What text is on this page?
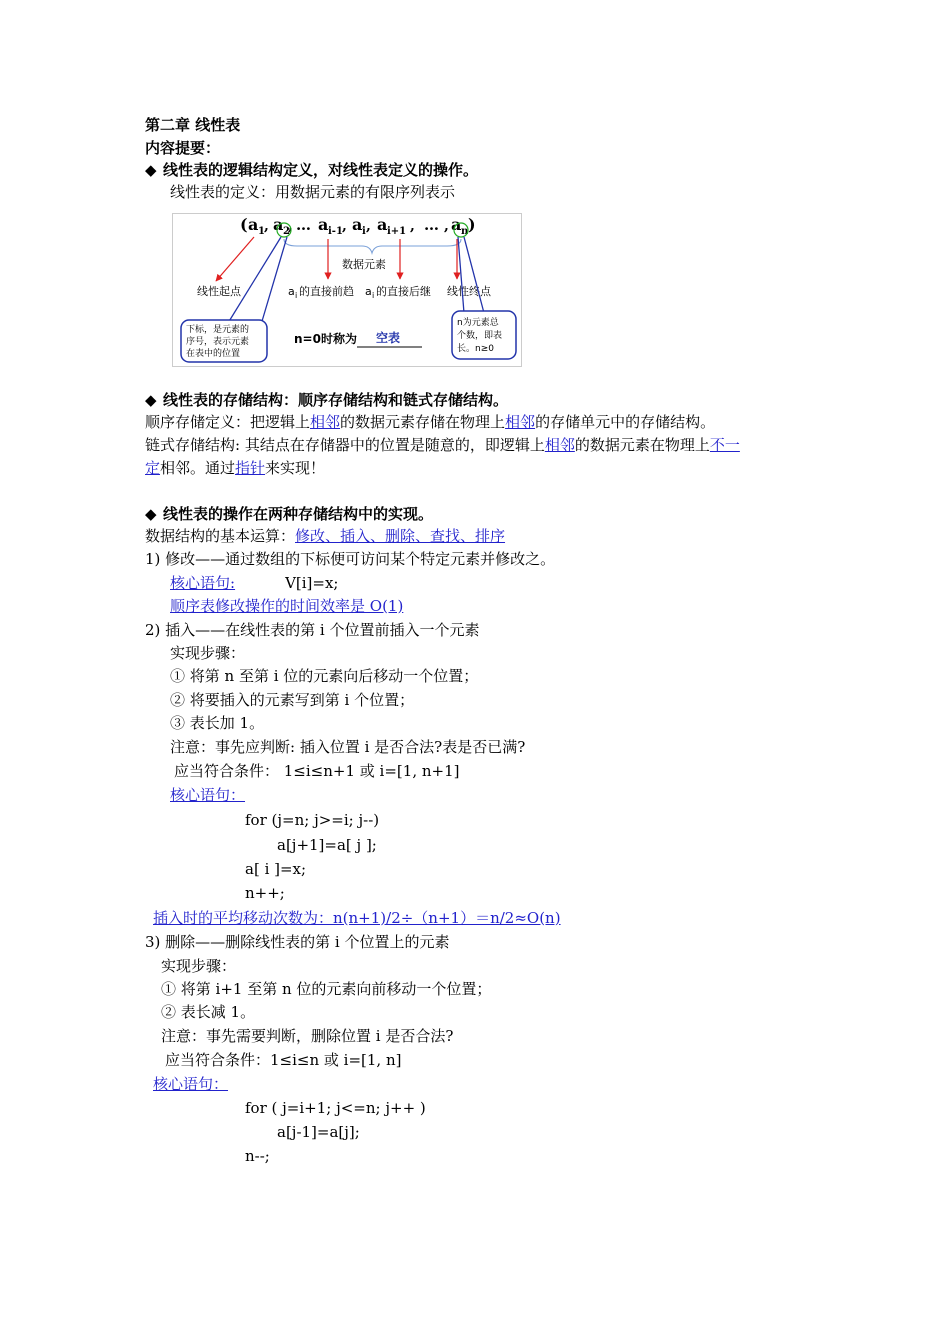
第二章 线性表
内容提要：
◆ 线性表的逻辑结构定义，对线性表定义的操作。
线性表的定义：用数据元素的有限序列表示
( a 1 , a 2
, … a i-1 , a i , a i+1 , … , a n )
数据元素
线性起点	a i 的直接前趋 a i 的直接后继 线性终点
下标，是元素的
序号，表示元素
在表中的位置
n为元素总
个数，即表
长。n≥0
n=0时称为 空表
◆ 线性表的存储结构：顺序存储结构和链式存储结构。
顺序存储定义：把逻辑上相邻的数据元素存储在物理上相邻的存储单元中的存储结构。
链式存储结构: 其结点在存储器中的位置是随意的，即逻辑上相邻的数据元素在物理上不一
定相邻。通过指针来实现！
◆ 线性表的操作在两种存储结构中的实现。
数据结构的基本运算：修改、插入、删除、查找、排序
1) 修改——通过数组的下标便可访问某个特定元素并修改之。
核心语句:	V[i]=x;
顺序表修改操作的时间效率是 O(1)
2) 插入——在线性表的第 i 个位置前插入一个元素
实现步骤：
① 将第 n 至第 i 位的元素向后移动一个位置；
② 将要插入的元素写到第 i 个位置；
③ 表长加 1。
注意：事先应判断: 插入位置 i 是否合法?表是否已满?
应当符合条件： 1≤i≤n+1 或 i=[1, n+1]
核心语句：
for (j=n; j>=i; j--)
a[j+1]=a[ j ];
a[ i ]=x;
n++;
插入时的平均移动次数为：n(n+1)/2÷（n+1）＝n/2≈O(n)
3) 删除——删除线性表的第 i 个位置上的元素
实现步骤：
① 将第 i+1 至第 n 位的元素向前移动一个位置；
② 表长减 1。
注意：事先需要判断，删除位置 i 是否合法?
应当符合条件：1≤i≤n 或 i=[1, n]
核心语句：
for ( j=i+1; j<=n; j++ )
a[j-1]=a[j];
n--;
